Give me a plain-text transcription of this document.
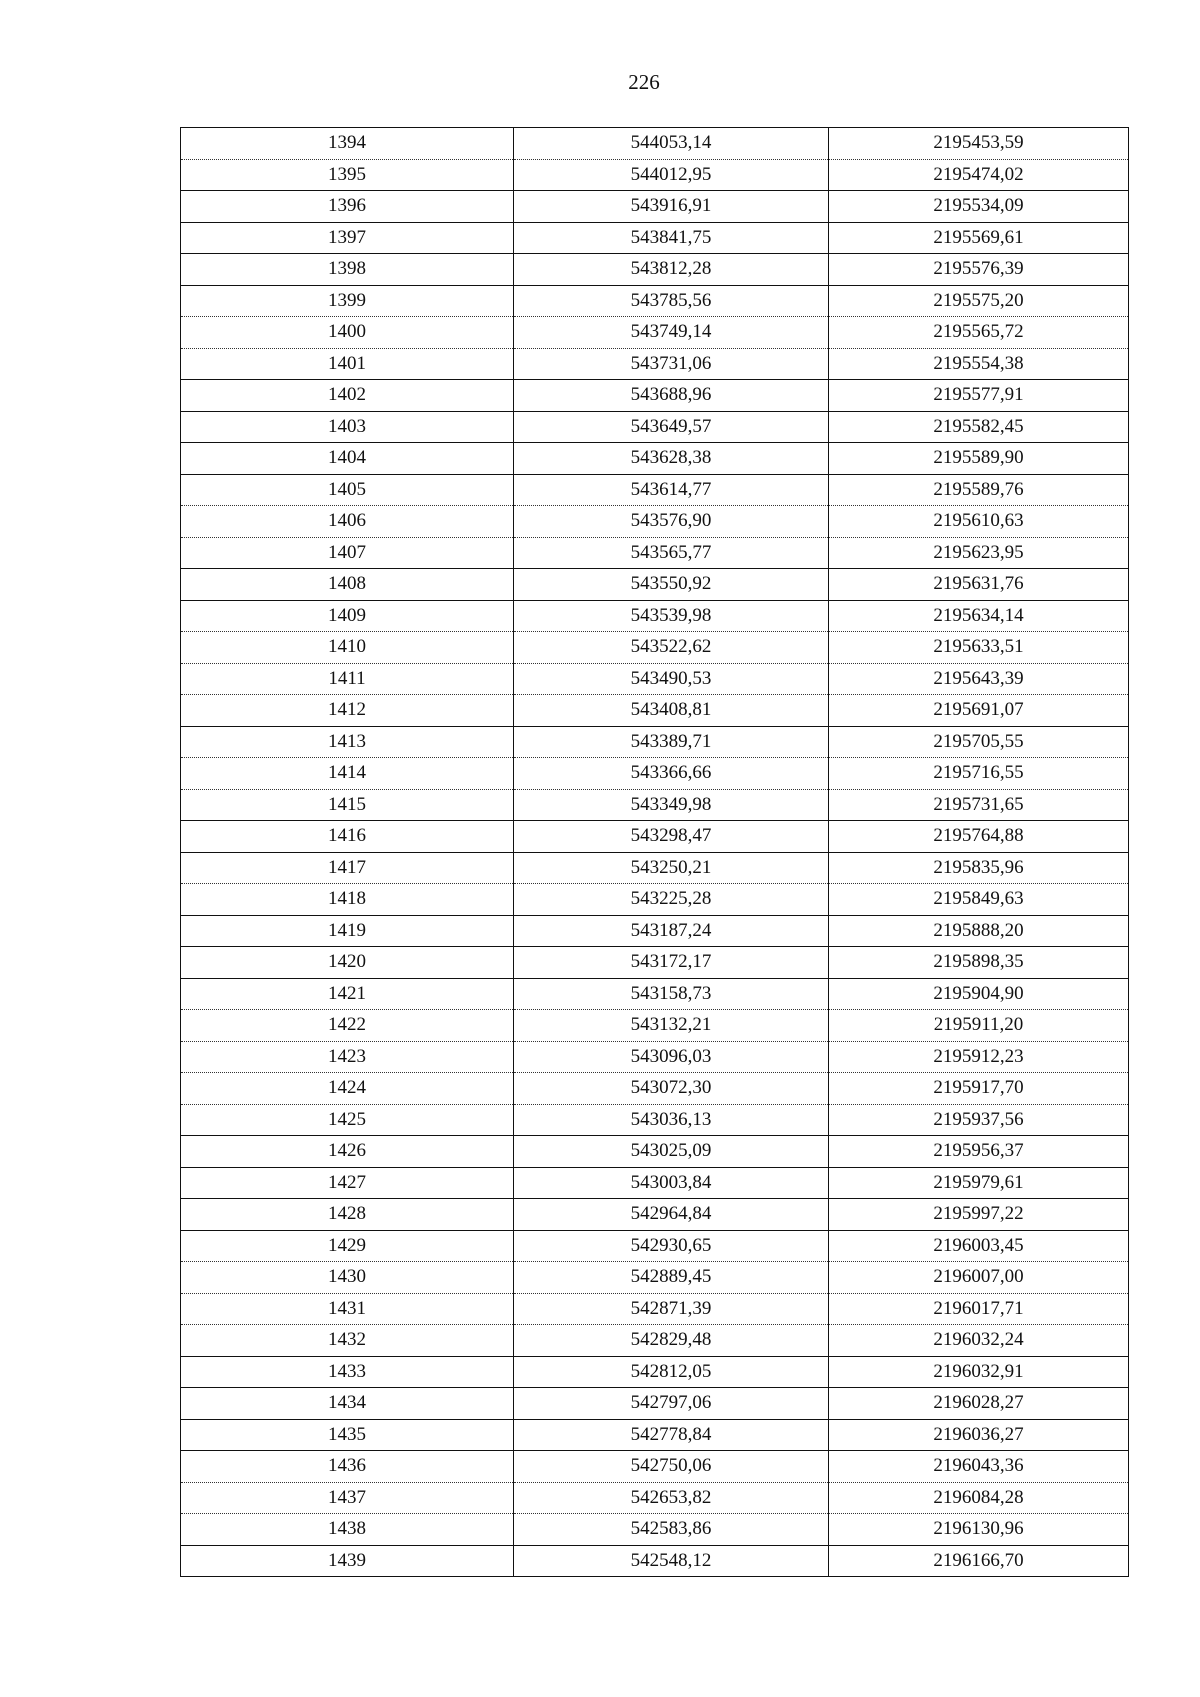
226
1394	544053,14	2195453,59
1395	544012,95	2195474,02
1396	543916,91	2195534,09
1397	543841,75	2195569,61
1398	543812,28	2195576,39
1399	543785,56	2195575,20
1400	543749,14	2195565,72
1401	543731,06	2195554,38
1402	543688,96	2195577,91
1403	543649,57	2195582,45
1404	543628,38	2195589,90
1405	543614,77	2195589,76
1406	543576,90	2195610,63
1407	543565,77	2195623,95
1408	543550,92	2195631,76
1409	543539,98	2195634,14
1410	543522,62	2195633,51
1411	543490,53	2195643,39
1412	543408,81	2195691,07
1413	543389,71	2195705,55
1414	543366,66	2195716,55
1415	543349,98	2195731,65
1416	543298,47	2195764,88
1417	543250,21	2195835,96
1418	543225,28	2195849,63
1419	543187,24	2195888,20
1420	543172,17	2195898,35
1421	543158,73	2195904,90
1422	543132,21	2195911,20
1423	543096,03	2195912,23
1424	543072,30	2195917,70
1425	543036,13	2195937,56
1426	543025,09	2195956,37
1427	543003,84	2195979,61
1428	542964,84	2195997,22
1429	542930,65	2196003,45
1430	542889,45	2196007,00
1431	542871,39	2196017,71
1432	542829,48	2196032,24
1433	542812,05	2196032,91
1434	542797,06	2196028,27
1435	542778,84	2196036,27
1436	542750,06	2196043,36
1437	542653,82	2196084,28
1438	542583,86	2196130,96
1439	542548,12	2196166,70
